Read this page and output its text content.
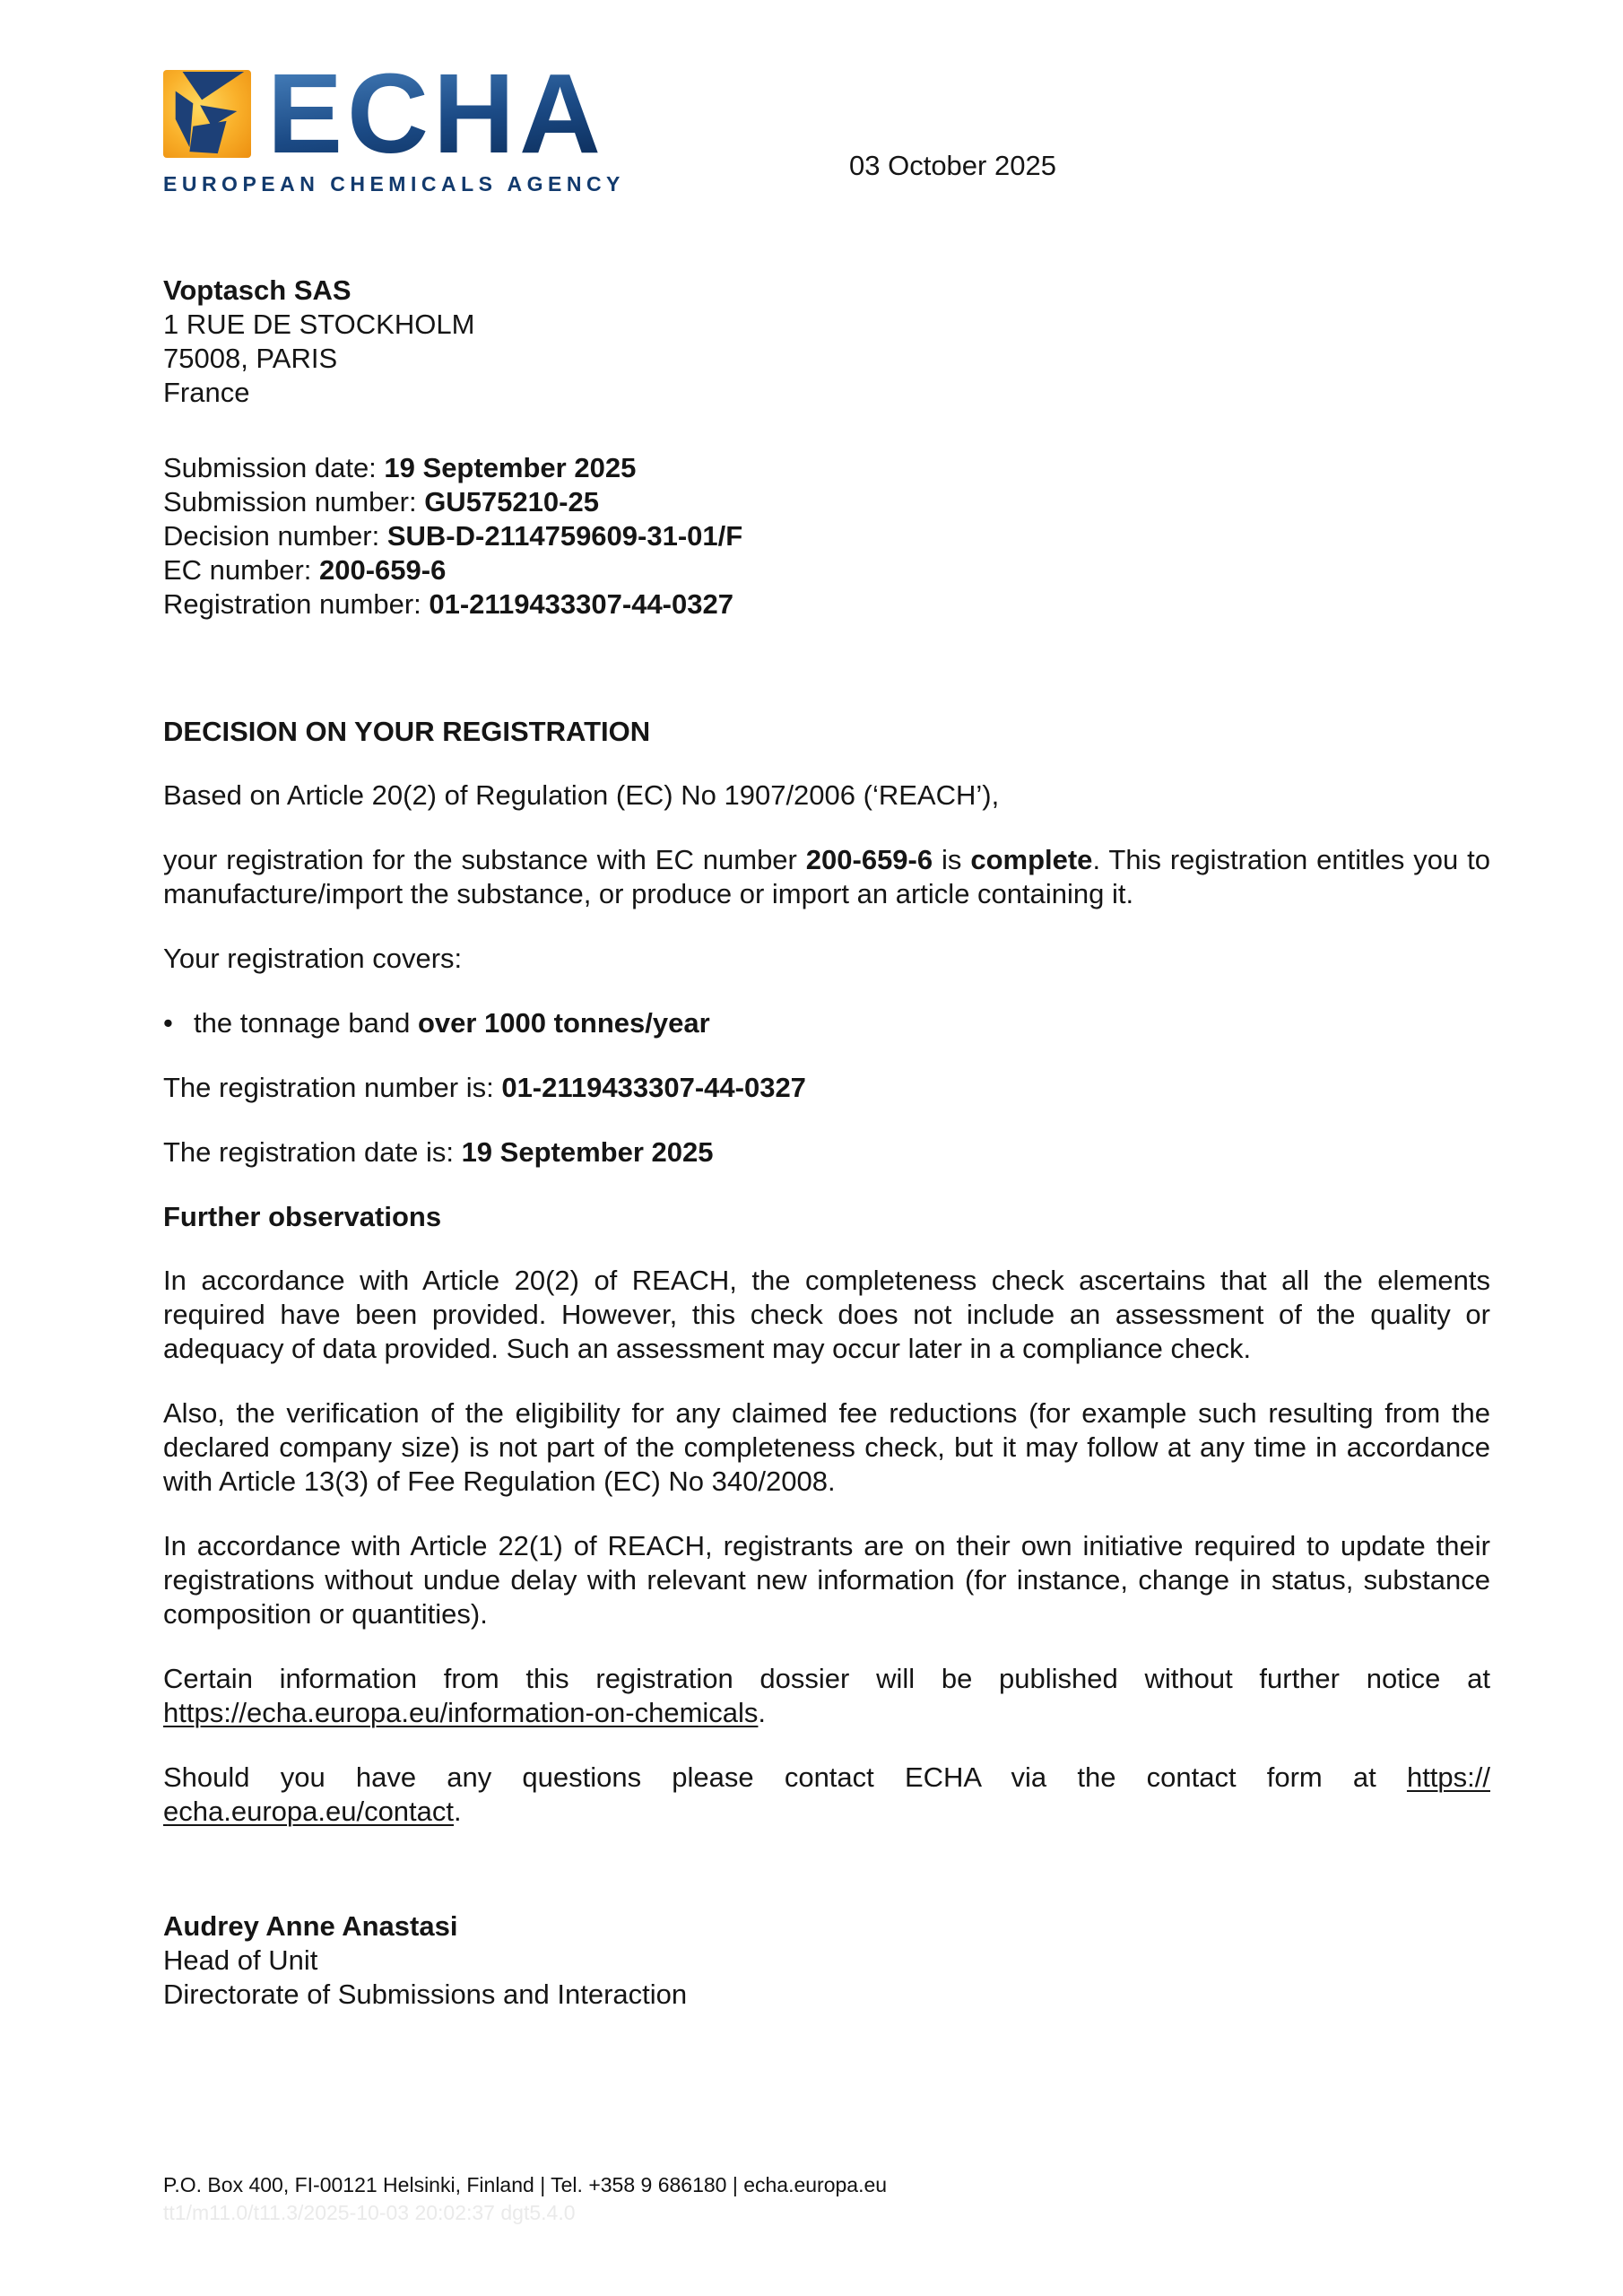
ECHA
EUROPEAN CHEMICALS AGENCY
03 October 2025

Voptasch SAS

1 RUE DE STOCKHOLM

75008, PARIS

France

Submission date: 19 September 2025

Submission number: GU575210-25

Decision number: SUB-D-2114759609-31-01/F

EC number: 200-659-6

Registration number: 01-2119433307-44-0327

DECISION ON YOUR REGISTRATION

Based on Article 20(2) of Regulation (EC) No 1907/2006 (‘REACH’),

your registration for the substance with EC number 200-659-6 is complete. This registration entitles you to manufacture/import the substance, or produce or import an article containing it.

Your registration covers:

• the tonnage band over 1000 tonnes/year

The registration number is: 01-2119433307-44-0327

The registration date is: 19 September 2025

Further observations

In accordance with Article 20(2) of REACH, the completeness check ascertains that all the elements required have been provided. However, this check does not include an assessment of the quality or adequacy of data provided. Such an assessment may occur later in a compliance check.

Also, the verification of the eligibility for any claimed fee reductions (for example such resulting from the declared company size) is not part of the completeness check, but it may follow at any time in accordance with Article 13(3) of Fee Regulation (EC) No 340/2008.

In accordance with Article 22(1) of REACH, registrants are on their own initiative required to update their registrations without undue delay with relevant new information (for instance, change in status, substance composition or quantities).

Certain information from this registration dossier will be published without further notice at https://echa.europa.eu/information-on-chemicals.

Should you have any questions please contact ECHA via the contact form at https://echa.europa.eu/contact.

Audrey Anne Anastasi

Head of Unit

Directorate of Submissions and Interaction

P.O. Box 400, FI-00121 Helsinki, Finland | Tel. +358 9 686180 | echa.europa.eu

tt1/m11.0/t11.3/2025-10-03 20:02:37 dgt5.4.0
